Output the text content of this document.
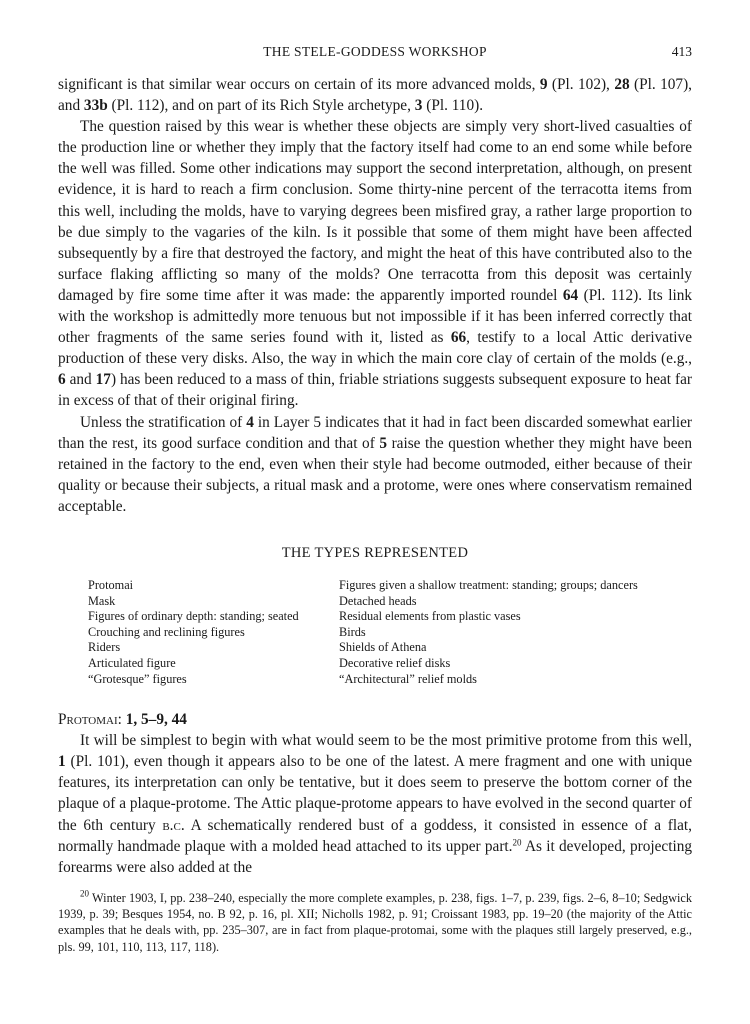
THE STELE-GODDESS WORKSHOP	413

significant is that similar wear occurs on certain of its more advanced molds, 9 (Pl. 102), 28 (Pl. 107), and 33b (Pl. 112), and on part of its Rich Style archetype, 3 (Pl. 110).

The question raised by this wear is whether these objects are simply very short-lived casualties of the production line or whether they imply that the factory itself had come to an end some while before the well was filled. Some other indications may support the second interpretation, although, on present evidence, it is hard to reach a firm conclusion. Some thirty-nine percent of the terracotta items from this well, including the molds, have to varying degrees been misfired gray, a rather large proportion to be due simply to the vagaries of the kiln. Is it possible that some of them might have been affected subsequently by a fire that destroyed the factory, and might the heat of this have contributed also to the surface flaking afflicting so many of the molds? One terracotta from this deposit was certainly damaged by fire some time after it was made: the apparently imported roundel 64 (Pl. 112). Its link with the workshop is admittedly more tenuous but not impossible if it has been inferred correctly that other fragments of the same series found with it, listed as 66, testify to a local Attic derivative production of these very disks. Also, the way in which the main core clay of certain of the molds (e.g., 6 and 17) has been reduced to a mass of thin, friable striations suggests subsequent exposure to heat far in excess of that of their original firing.

Unless the stratification of 4 in Layer 5 indicates that it had in fact been discarded somewhat earlier than the rest, its good surface condition and that of 5 raise the question whether they might have been retained in the factory to the end, even when their style had become outmoded, either because of their quality or because their subjects, a ritual mask and a protome, were ones where conservatism remained acceptable.

THE TYPES REPRESENTED
Protomai
Mask
Figures of ordinary depth: standing; seated
Crouching and reclining figures
Riders
Articulated figure
“Grotesque” figures
Figures given a shallow treatment: standing; groups; dancers
Detached heads
Residual elements from plastic vases
Birds
Shields of Athena
Decorative relief disks
“Architectural” relief molds
Protomai: 1, 5–9, 44

It will be simplest to begin with what would seem to be the most primitive protome from this well, 1 (Pl. 101), even though it appears also to be one of the latest. A mere fragment and one with unique features, its interpretation can only be tentative, but it does seem to preserve the bottom corner of the plaque of a plaque-protome. The Attic plaque-protome appears to have evolved in the second quarter of the 6th century b.c. A schematically rendered bust of a goddess, it consisted in essence of a flat, normally handmade plaque with a molded head attached to its upper part.$^{20}$ As it developed, projecting forearms were also added at the

$^{20}$ Winter 1903, I, pp. 238–240, especially the more complete examples, p. 238, figs. 1–7, p. 239, figs. 2–6, 8–10; Sedgwick 1939, p. 39; Besques 1954, no. B 92, p. 16, pl. XII; Nicholls 1982, p. 91; Croissant 1983, pp. 19–20 (the majority of the Attic examples that he deals with, pp. 235–307, are in fact from plaque-protomai, some with the plaques still largely preserved, e.g., pls. 99, 101, 110, 113, 117, 118).
